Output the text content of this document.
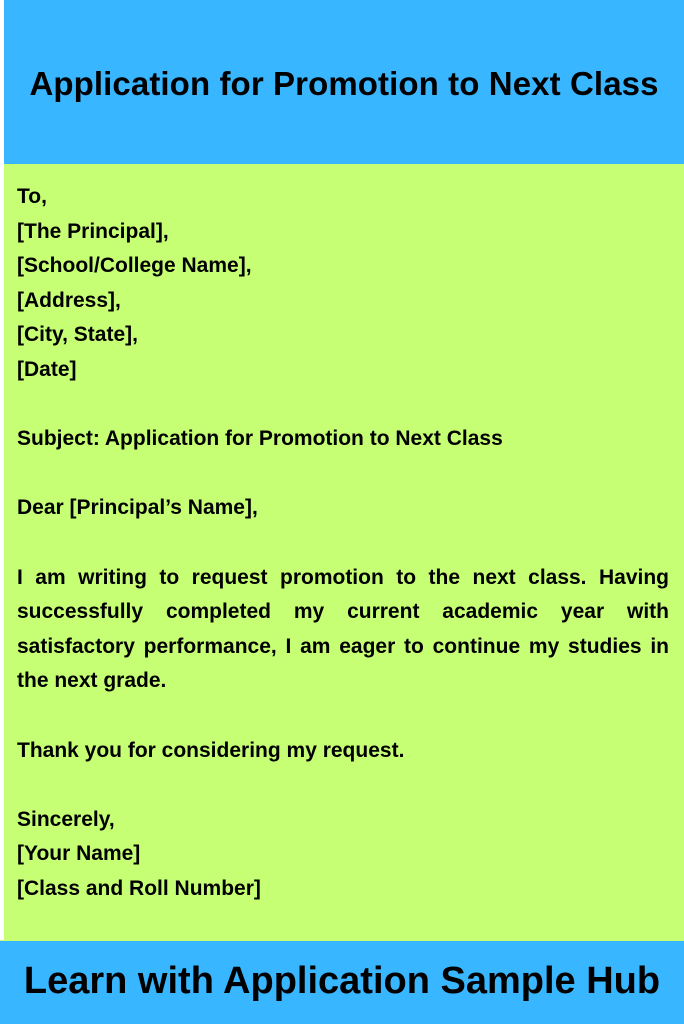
Application for Promotion to Next Class
To,
[The Principal],
[School/College Name],
[Address],
[City, State],
[Date]

Subject: Application for Promotion to Next Class

Dear [Principal’s Name],

I am writing to request promotion to the next class. Having successfully completed my current academic year with satisfactory performance, I am eager to continue my studies in the next grade.

Thank you for considering my request.

Sincerely,
[Your Name]
[Class and Roll Number]

Learn with Application Sample Hub
